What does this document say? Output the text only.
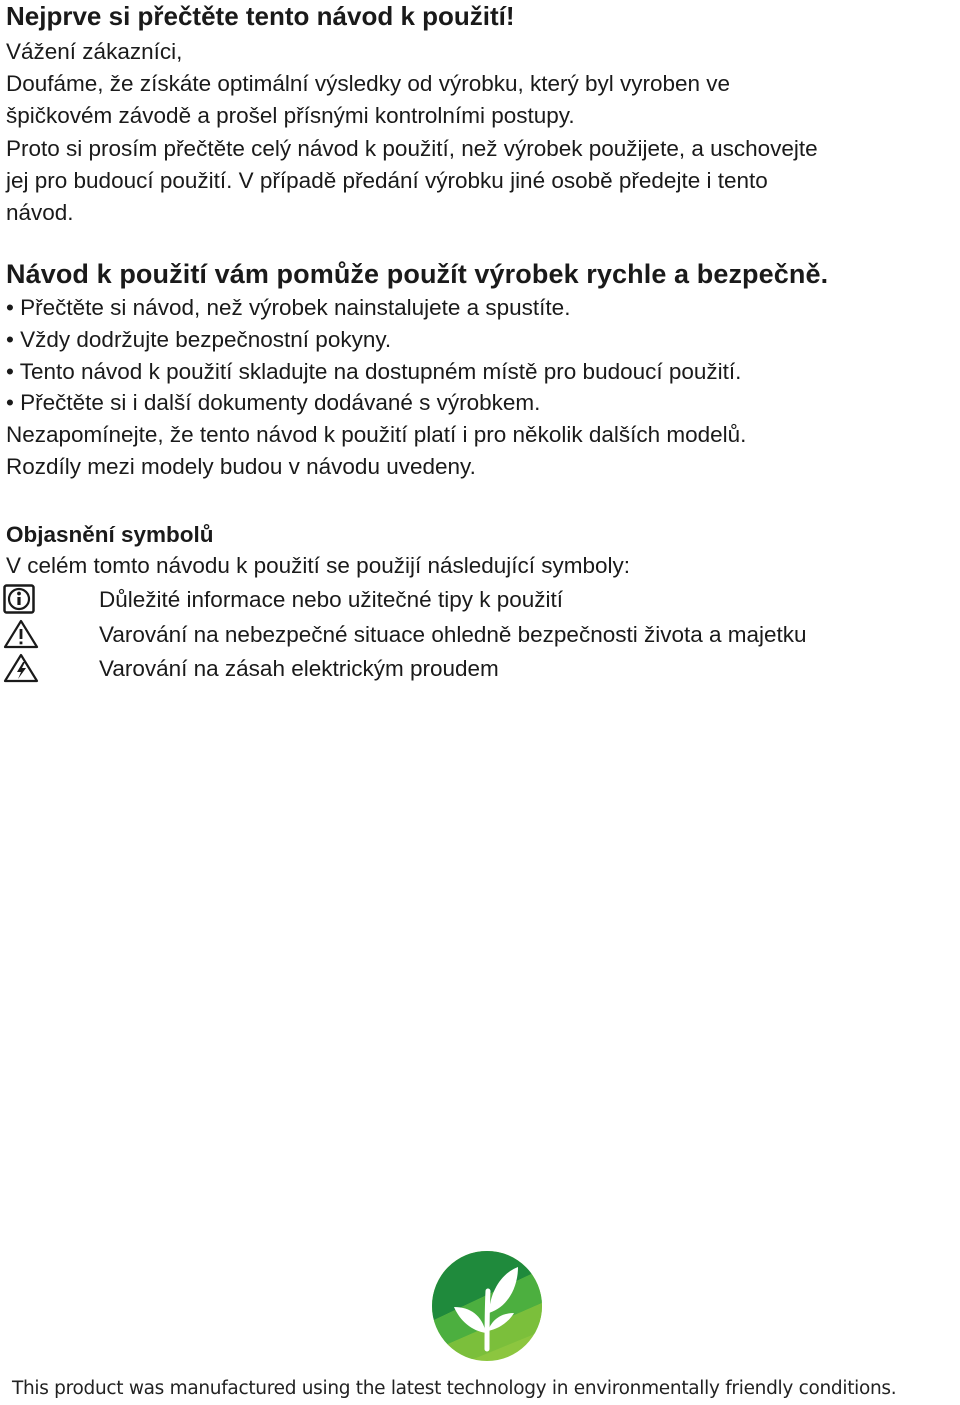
Nejprve si přečtěte tento návod k použití!
Vážení zákazníci,
Doufáme, že získáte optimální výsledky od výrobku, který byl vyroben ve
špičkovém závodě a prošel přísnými kontrolními postupy.
Proto si prosím přečtěte celý návod k použití, než výrobek použijete, a uschovejte
jej pro budoucí použití. V případě předání výrobku jiné osobě předejte i tento
návod.
Návod k použití vám pomůže použít výrobek rychle a bezpečně.
• Přečtěte si návod, než výrobek nainstalujete a spustíte.
• Vždy dodržujte bezpečnostní pokyny.
• Tento návod k použití skladujte na dostupném místě pro budoucí použití.
• Přečtěte si i další dokumenty dodávané s výrobkem.
Nezapomínejte, že tento návod k použití platí i pro několik dalších modelů.
Rozdíly mezi modely budou v návodu uvedeny.
Objasnění symbolů

V celém tomto návodu k použití se použijí následující symboly:

Důležité informace nebo užitečné tipy k použití
Varování na nebezpečné situace ohledně bezpečnosti života a majetku
Varování na zásah elektrickým proudem

This product was manufactured using the latest technology in environmentally friendly conditions.
